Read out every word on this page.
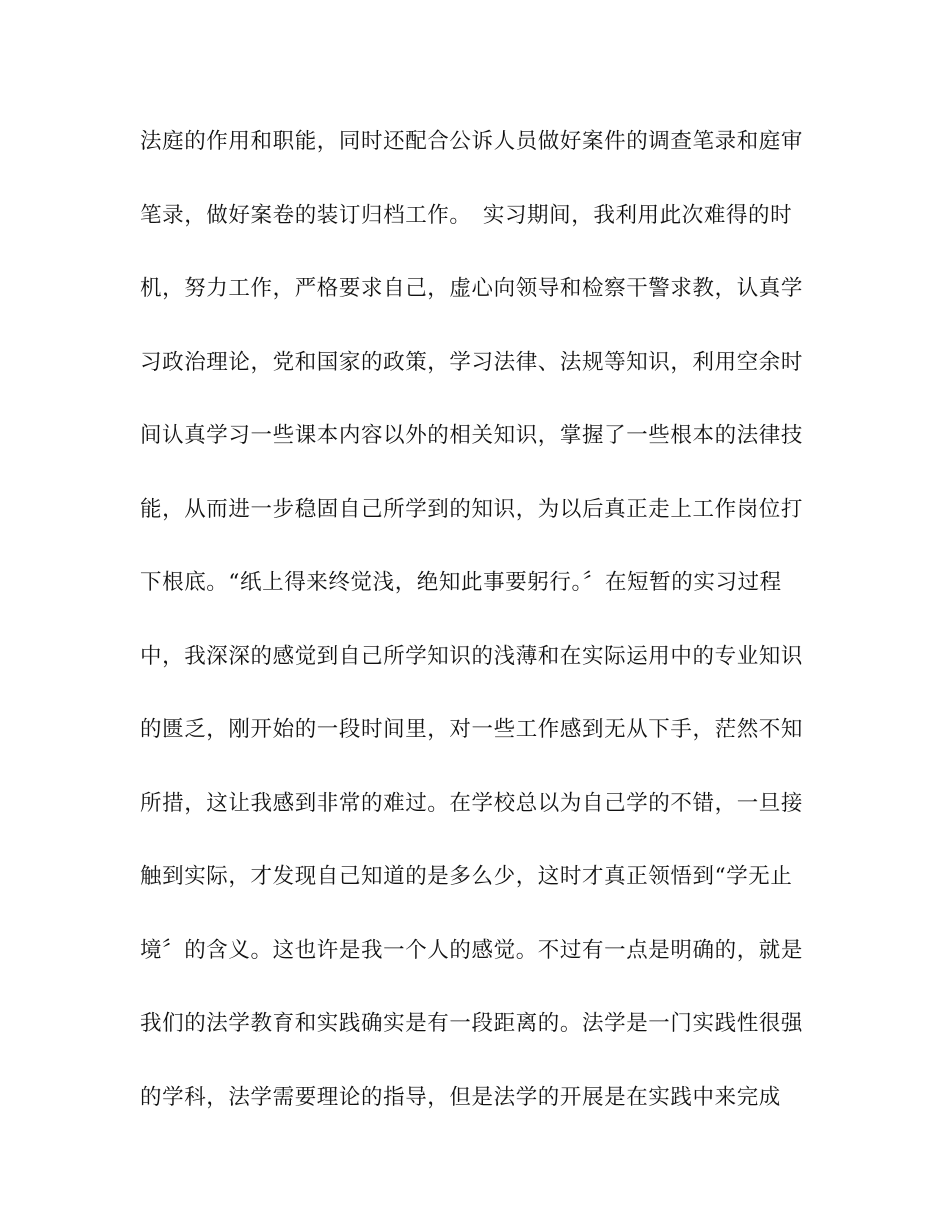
法庭的作用和职能，同时还配合公诉人员做好案件的调查笔录和庭审
笔录，做好案卷的装订归档工作。　实习期间，我利用此次难得的时
机，努力工作，严格要求自己，虚心向领导和检察干警求教，认真学
习政治理论，党和国家的政策，学习法律、法规等知识，利用空余时
间认真学习一些课本内容以外的相关知识，掌握了一些根本的法律技
能，从而进一步稳固自己所学到的知识，为以后真正走上工作岗位打
下根底。“纸上得来终觉浅，绝知此事要躬行。〞在短暂的实习过程
中，我深深的感觉到自己所学知识的浅薄和在实际运用中的专业知识
的匮乏，刚开始的一段时间里，对一些工作感到无从下手，茫然不知
所措，这让我感到非常的难过。在学校总以为自己学的不错，一旦接
触到实际，才发现自己知道的是多么少，这时才真正领悟到“学无止
境〞的含义。这也许是我一个人的感觉。不过有一点是明确的，就是
我们的法学教育和实践确实是有一段距离的。法学是一门实践性很强
的学科，法学需要理论的指导，但是法学的开展是在实践中来完成
